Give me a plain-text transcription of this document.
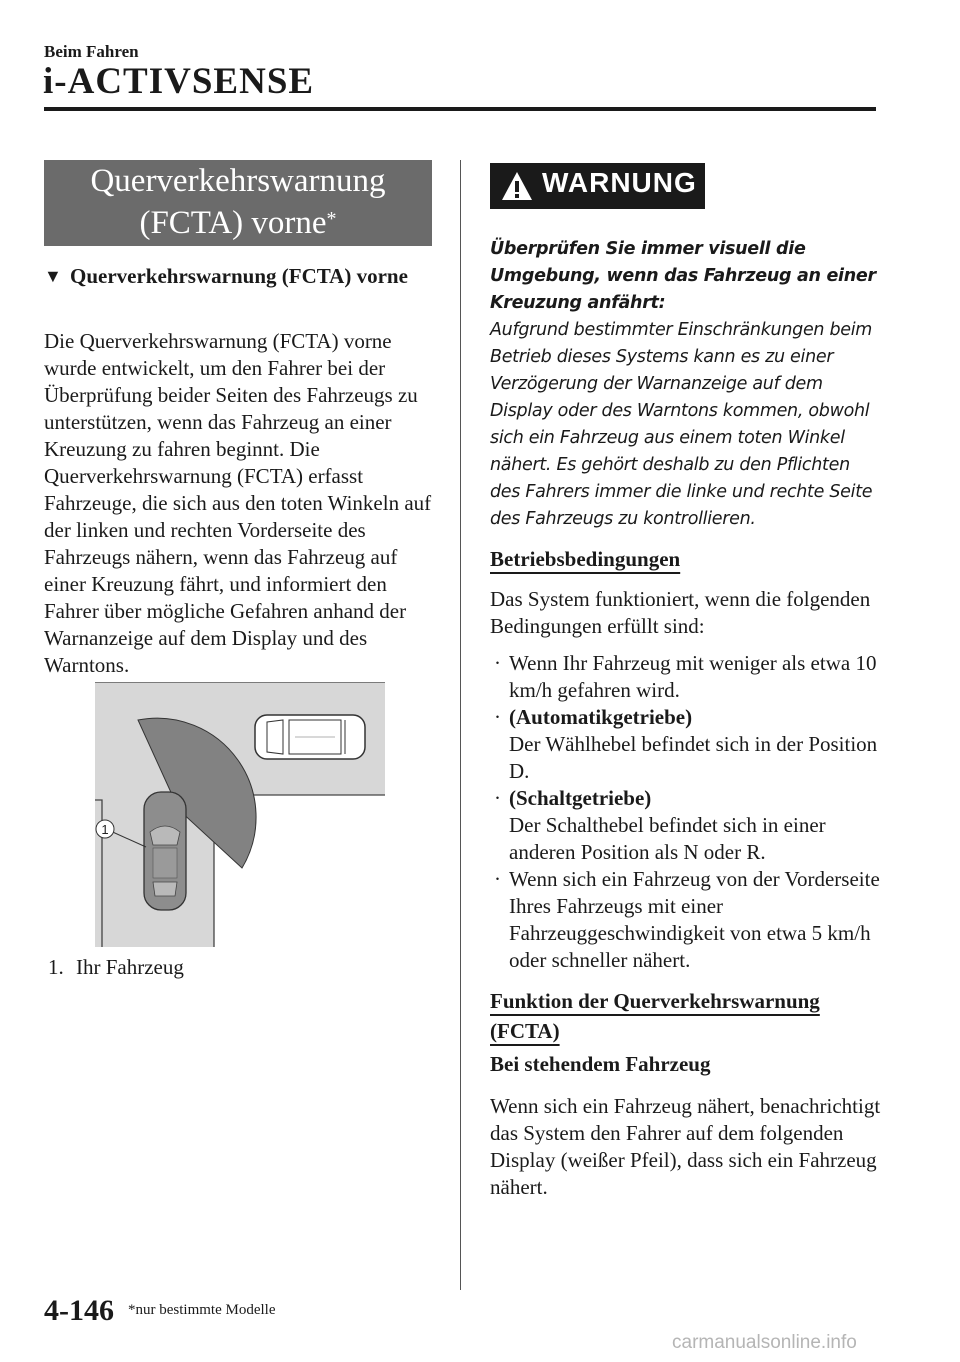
Beim Fahren
i-ACTIVSENSE
Querverkehrswarnung
(FCTA) vorne*
▼ Querverkehrswarnung (FCTA) vorne
Die Querverkehrswarnung (FCTA) vorne wurde entwickelt, um den Fahrer bei der Überprüfung beider Seiten des Fahrzeugs zu unterstützen, wenn das Fahrzeug an einer Kreuzung zu fahren beginnt. Die Querverkehrswarnung (FCTA) erfasst Fahrzeuge, die sich aus den toten Winkeln auf der linken und rechten Vorderseite des Fahrzeugs nähern, wenn das Fahrzeug auf einer Kreuzung fährt, und informiert den Fahrer über mögliche Gefahren anhand der Warnanzeige auf dem Display und des Warntons.
1
1. Ihr Fahrzeug
WARNUNG
Überprüfen Sie immer visuell die Umgebung, wenn das Fahrzeug an einer Kreuzung anfährt:
Aufgrund bestimmter Einschränkungen beim Betrieb dieses Systems kann es zu einer Verzögerung der Warnanzeige auf dem Display oder des Warntons kommen, obwohl sich ein Fahrzeug aus einem toten Winkel nähert. Es gehört deshalb zu den Pflichten des Fahrers immer die linke und rechte Seite des Fahrzeugs zu kontrollieren.
Betriebsbedingungen
Das System funktioniert, wenn die folgenden Bedingungen erfüllt sind:
· Wenn Ihr Fahrzeug mit weniger als etwa 10 km/h gefahren wird.
· (Automatikgetriebe)
Der Wählhebel befindet sich in der Position D.
· (Schaltgetriebe)
Der Schalthebel befindet sich in einer anderen Position als N oder R.
· Wenn sich ein Fahrzeug von der Vorderseite Ihres Fahrzeugs mit einer Fahrzeuggeschwindigkeit von etwa 5 km/h oder schneller nähert.
Funktion der Querverkehrswarnung (FCTA)
Bei stehendem Fahrzeug
Wenn sich ein Fahrzeug nähert, benachrichtigt das System den Fahrer auf dem folgenden Display (weißer Pfeil), dass sich ein Fahrzeug nähert.
4-146 *nur bestimmte Modelle
carmanualsonline.info
